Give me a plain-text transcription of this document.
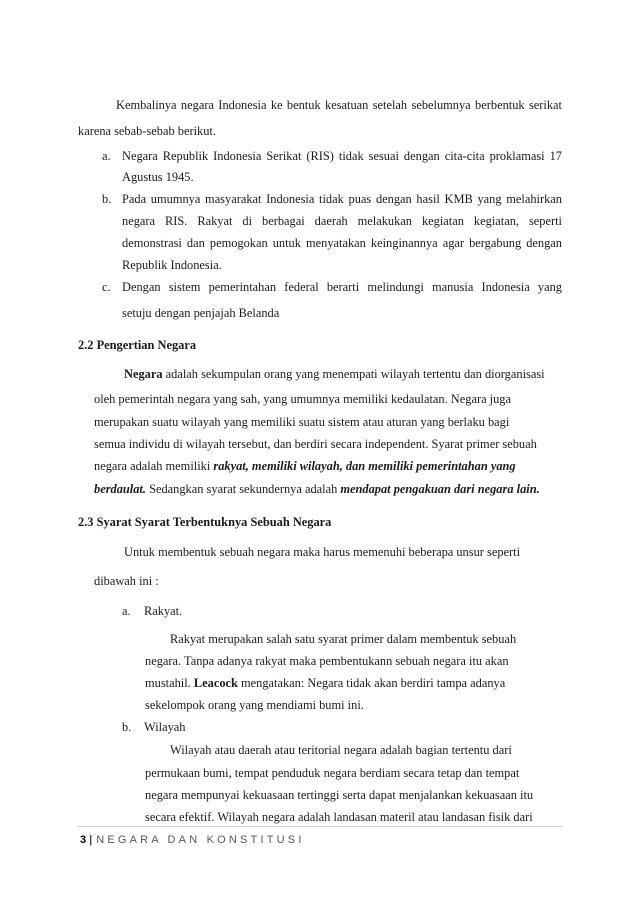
Kembalinya negara Indonesia ke bentuk kesatuan setelah sebelumnya berbentuk serikat
karena sebab-sebab berikut.
a. Negara Republik Indonesia Serikat (RIS) tidak sesuai dengan cita-cita proklamasi 17
Agustus 1945.
b. Pada umumnya masyarakat Indonesia tidak puas dengan hasil KMB yang melahirkan
negara RIS. Rakyat di berbagai daerah melakukan kegiatan kegiatan, seperti
demonstrasi dan pemogokan untuk menyatakan keinginannya agar bergabung dengan
Republik Indonesia.
c. Dengan sistem pemerintahan federal berarti melindungi manusia Indonesia yang
setuju dengan penjajah Belanda
2.2 Pengertian Negara
Negara adalah sekumpulan orang yang menempati wilayah tertentu dan diorganisasi
oleh pemerintah negara yang sah, yang umumnya memiliki kedaulatan. Negara juga
merupakan suatu wilayah yang memiliki suatu sistem atau aturan yang berlaku bagi
semua individu di wilayah tersebut, dan berdiri secara independent. Syarat primer sebuah
negara adalah memiliki rakyat, memiliki wilayah, dan memiliki pemerintahan yang
berdaulat. Sedangkan syarat sekundernya adalah mendapat pengakuan dari negara lain.
2.3 Syarat Syarat Terbentuknya Sebuah Negara
Untuk membentuk sebuah negara maka harus memenuhi beberapa unsur seperti
dibawah ini :
a. Rakyat.
Rakyat merupakan salah satu syarat primer dalam membentuk sebuah
negara. Tanpa adanya rakyat maka pembentukann sebuah negara itu akan
mustahil. Leacock mengatakan: Negara tidak akan berdiri tampa adanya
sekelompok orang yang mendiami bumi ini.
b. Wilayah
Wilayah atau daerah atau teritorial negara adalah bagian tertentu dari
permukaan bumi, tempat penduduk negara berdiam secara tetap dan tempat
negara mempunyai kekuasaan tertinggi serta dapat menjalankan kekuasaan itu
secara efektif. Wilayah negara adalah landasan materil atau landasan fisik dari
3 | NEGARA DAN KONSTITUSI
